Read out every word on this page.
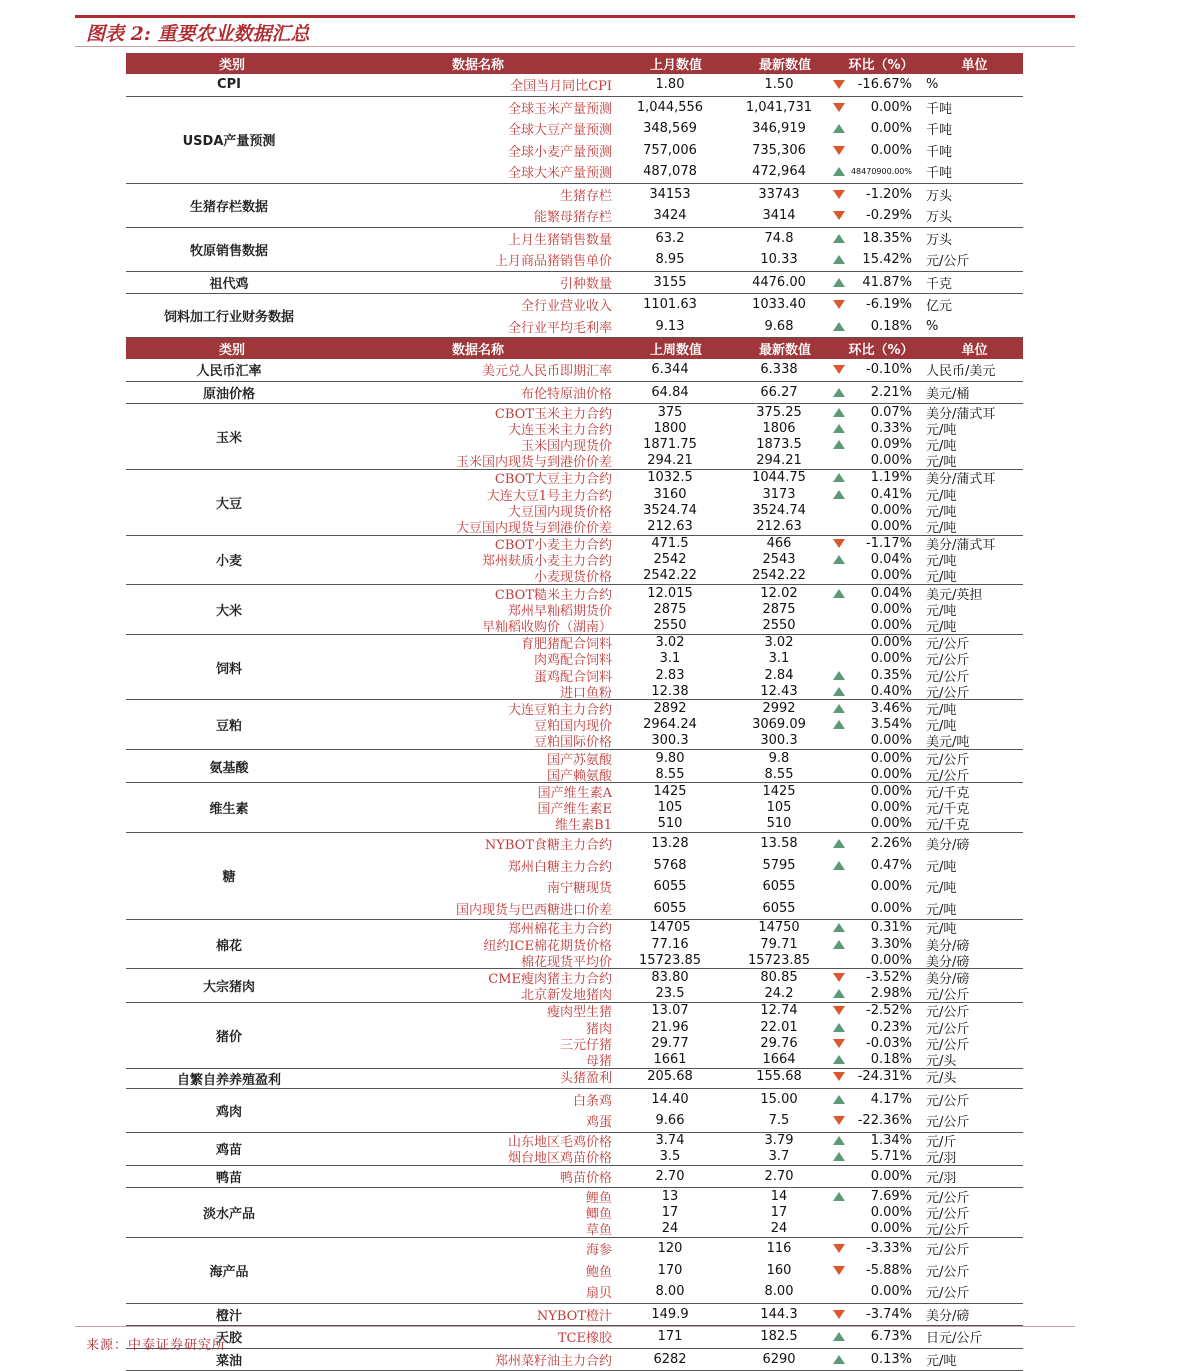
图表 2: 重要农业数据汇总
类别	数据名称	上月数值	最新数值	环比（%）	单位
CPI	全国当月同比CPI	1.80	1.50	-16.67%	%
USDA产量预测
全球玉米产量预测	1,044,556	1,041,731	0.00%	千吨
全球大豆产量预测	348,569	346,919	0.00%	千吨
全球小麦产量预测	757,006	735,306	0.00%	千吨
全球大米产量预测	487,078	472,964	48470900.00%	千吨
生猪存栏数据
生猪存栏	34153	33743	-1.20%	万头
能繁母猪存栏	3424	3414	-0.29%	万头
牧原销售数据
上月生猪销售数量	63.2	74.8	18.35%	万头
上月商品猪销售单价	8.95	10.33	15.42%	元/公斤
祖代鸡	引种数量	3155	4476.00	41.87%	千克
饲料加工行业财务数据
全行业营业收入	1101.63	1033.40	-6.19%	亿元
全行业平均毛利率	9.13	9.68	0.18%	%
类别	数据名称	上周数值	最新数值	环比（%）	单位
人民币汇率	美元兑人民币即期汇率	6.344	6.338	-0.10%	人民币/美元
原油价格	布伦特原油价格	64.84	66.27	2.21%	美元/桶
玉米
CBOT玉米主力合约	375	375.25	0.07%	美分/蒲式耳
大连玉米主力合约	1800	1806	0.33%	元/吨
玉米国内现货价	1871.75	1873.5	0.09%	元/吨
玉米国内现货与到港价价差	294.21	294.21	0.00%	元/吨
大豆
CBOT大豆主力合约	1032.5	1044.75	1.19%	美分/蒲式耳
大连大豆1号主力合约	3160	3173	0.41%	元/吨
大豆国内现货价格	3524.74	3524.74	0.00%	元/吨
大豆国内现货与到港价价差	212.63	212.63	0.00%	元/吨
小麦
CBOT小麦主力合约	471.5	466	-1.17%	美分/蒲式耳
郑州麸质小麦主力合约	2542	2543	0.04%	元/吨
小麦现货价格	2542.22	2542.22	0.00%	元/吨
大米
CBOT糙米主力合约	12.015	12.02	0.04%	美元/英担
郑州早籼稻期货价	2875	2875	0.00%	元/吨
早籼稻收购价（湖南）	2550	2550	0.00%	元/吨
饲料
育肥猪配合饲料	3.02	3.02	0.00%	元/公斤
肉鸡配合饲料	3.1	3.1	0.00%	元/公斤
蛋鸡配合饲料	2.83	2.84	0.35%	元/公斤
进口鱼粉	12.38	12.43	0.40%	元/公斤
豆粕
大连豆粕主力合约	2892	2992	3.46%	元/吨
豆粕国内现价	2964.24	3069.09	3.54%	元/吨
豆粕国际价格	300.3	300.3	0.00%	美元/吨
氨基酸
国产苏氨酸	9.80	9.8	0.00%	元/公斤
国产赖氨酸	8.55	8.55	0.00%	元/公斤
维生素
国产维生素A	1425	1425	0.00%	元/千克
国产维生素E	105	105	0.00%	元/千克
维生素B1	510	510	0.00%	元/千克
糖
NYBOT食糖主力合约	13.28	13.58	2.26%	美分/磅
郑州白糖主力合约	5768	5795	0.47%	元/吨
南宁糖现货	6055	6055	0.00%	元/吨
国内现货与巴西糖进口价差	6055	6055	0.00%	元/吨
棉花
郑州棉花主力合约	14705	14750	0.31%	元/吨
纽约ICE棉花期货价格	77.16	79.71	3.30%	美分/磅
棉花现货平均价	15723.85	15723.85	0.00%	美分/磅
大宗猪肉
CME瘦肉猪主力合约	83.80	80.85	-3.52%	美分/磅
北京新发地猪肉	23.5	24.2	2.98%	元/公斤
猪价
瘦肉型生猪	13.07	12.74	-2.52%	元/公斤
猪肉	21.96	22.01	0.23%	元/公斤
三元仔猪	29.77	29.76	-0.03%	元/公斤
母猪	1661	1664	0.18%	元/头
自繁自养养殖盈利	头猪盈利	205.68	155.68	-24.31%	元/头
鸡肉
白条鸡	14.40	15.00	4.17%	元/公斤
鸡蛋	9.66	7.5	-22.36%	元/公斤
鸡苗
山东地区毛鸡价格	3.74	3.79	1.34%	元/斤
烟台地区鸡苗价格	3.5	3.7	5.71%	元/羽
鸭苗	鸭苗价格	2.70	2.70	0.00%	元/羽
淡水产品
鲤鱼	13	14	7.69%	元/公斤
鲫鱼	17	17	0.00%	元/公斤
草鱼	24	24	0.00%	元/公斤
海产品
海参	120	116	-3.33%	元/公斤
鲍鱼	170	160	-5.88%	元/公斤
扇贝	8.00	8.00	0.00%	元/公斤
橙汁	NYBOT橙汁	149.9	144.3	-3.74%	美分/磅
天胶	TCE橡胶	171	182.5	6.73%	日元/公斤
菜油	郑州菜籽油主力合约	6282	6290	0.13%	元/吨
来源：中泰证券研究所
